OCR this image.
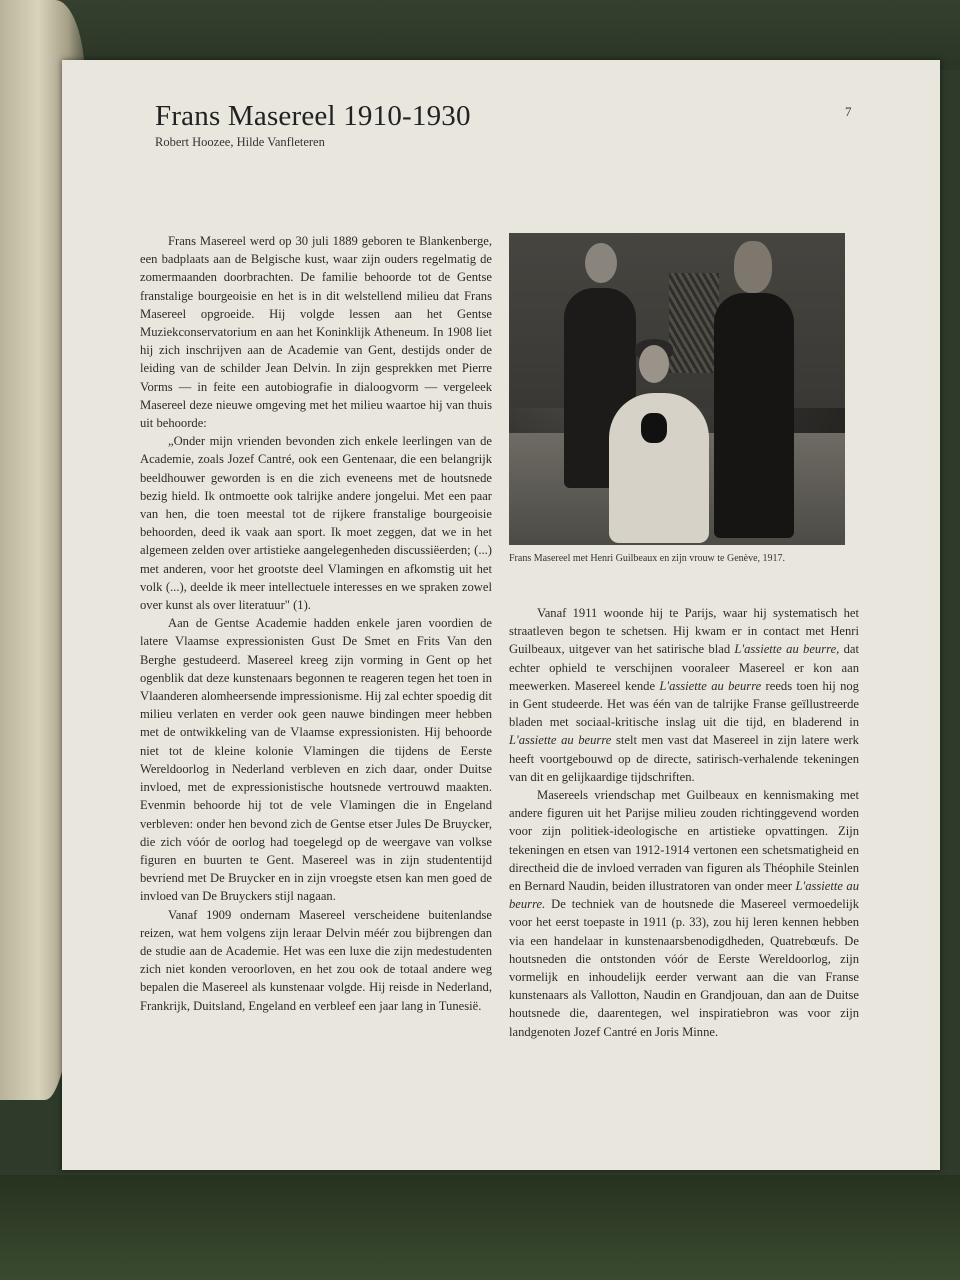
Frans Masereel 1910-1930
Robert Hoozee, Hilde Vanfleteren
7

Frans Masereel werd op 30 juli 1889 geboren te Blankenberge, een badplaats aan de Belgische kust, waar zijn ouders regelmatig de zomermaanden doorbrachten. De familie behoorde tot de Gentse franstalige bourgeoisie en het is in dit welstellend milieu dat Frans Masereel opgroeide. Hij volgde lessen aan het Gentse Muziekconservatorium en aan het Koninklijk Atheneum. In 1908 liet hij zich inschrijven aan de Academie van Gent, destijds onder de leiding van de schilder Jean Delvin. In zijn gesprekken met Pierre Vorms — in feite een autobiografie in dialoogvorm — vergeleek Masereel deze nieuwe omgeving met het milieu waartoe hij van thuis uit behoorde:

„Onder mijn vrienden bevonden zich enkele leerlingen van de Academie, zoals Jozef Cantré, ook een Gentenaar, die een belangrijk beeldhouwer geworden is en die zich eveneens met de houtsnede bezig hield. Ik ontmoette ook talrijke andere jongelui. Met een paar van hen, die toen meestal tot de rijkere franstalige bourgeoisie behoorden, deed ik vaak aan sport. Ik moet zeggen, dat we in het algemeen zelden over artistieke aangelegenheden discussiëerden; (...) met anderen, voor het grootste deel Vlamingen en afkomstig uit het volk (...), deelde ik meer intellectuele interesses en we spraken zowel over kunst als over literatuur" (1).

Aan de Gentse Academie hadden enkele jaren voordien de latere Vlaamse expressionisten Gust De Smet en Frits Van den Berghe gestudeerd. Masereel kreeg zijn vorming in Gent op het ogenblik dat deze kunstenaars begonnen te reageren tegen het toen in Vlaanderen alomheersende impressionisme. Hij zal echter spoedig dit milieu verlaten en verder ook geen nauwe bindingen meer hebben met de ontwikkeling van de Vlaamse expressionisten. Hij behoorde niet tot de kleine kolonie Vlamingen die tijdens de Eerste Wereldoorlog in Nederland verbleven en zich daar, onder Duitse invloed, met de expressionistische houtsnede vertrouwd maakten. Evenmin behoorde hij tot de vele Vlamingen die in Engeland verbleven: onder hen bevond zich de Gentse etser Jules De Bruycker, die zich vóór de oorlog had toegelegd op de weergave van volkse figuren en buurten te Gent. Masereel was in zijn studententijd bevriend met De Bruycker en in zijn vroegste etsen kan men goed de invloed van De Bruyckers stijl nagaan.

Vanaf 1909 ondernam Masereel verscheidene buitenlandse reizen, wat hem volgens zijn leraar Delvin méér zou bijbrengen dan de studie aan de Academie. Het was een luxe die zijn medestudenten zich niet konden veroorloven, en het zou ook de totaal andere weg bepalen die Masereel als kunstenaar volgde. Hij reisde in Nederland, Frankrijk, Duitsland, Engeland en verbleef een jaar lang in Tunesië.

Frans Masereel met Henri Guilbeaux en zijn vrouw te Genève, 1917.

Vanaf 1911 woonde hij te Parijs, waar hij systematisch het straatleven begon te schetsen. Hij kwam er in contact met Henri Guilbeaux, uitgever van het satirische blad L'assiette au beurre, dat echter ophield te verschijnen vooraleer Masereel er kon aan meewerken. Masereel kende L'assiette au beurre reeds toen hij nog in Gent studeerde. Het was één van de talrijke Franse geïllustreerde bladen met sociaal-kritische inslag uit die tijd, en bladerend in L'assiette au beurre stelt men vast dat Masereel in zijn latere werk heeft voortgebouwd op de directe, satirisch-verhalende tekeningen van dit en gelijkaardige tijdschriften.

Masereels vriendschap met Guilbeaux en kennismaking met andere figuren uit het Parijse milieu zouden richtinggevend worden voor zijn politiek-ideologische en artistieke opvattingen. Zijn tekeningen en etsen van 1912-1914 vertonen een schetsmatigheid en directheid die de invloed verraden van figuren als Théophile Steinlen en Bernard Naudin, beiden illustratoren van onder meer L'assiette au beurre. De techniek van de houtsnede die Masereel vermoedelijk voor het eerst toepaste in 1911 (p. 33), zou hij leren kennen hebben via een handelaar in kunstenaarsbenodigdheden, Quatrebœufs. De houtsneden die ontstonden vóór de Eerste Wereldoorlog, zijn vormelijk en inhoudelijk eerder verwant aan die van Franse kunstenaars als Vallotton, Naudin en Grandjouan, dan aan de Duitse houtsnede die, daarentegen, wel inspiratiebron was voor zijn landgenoten Jozef Cantré en Joris Minne.
